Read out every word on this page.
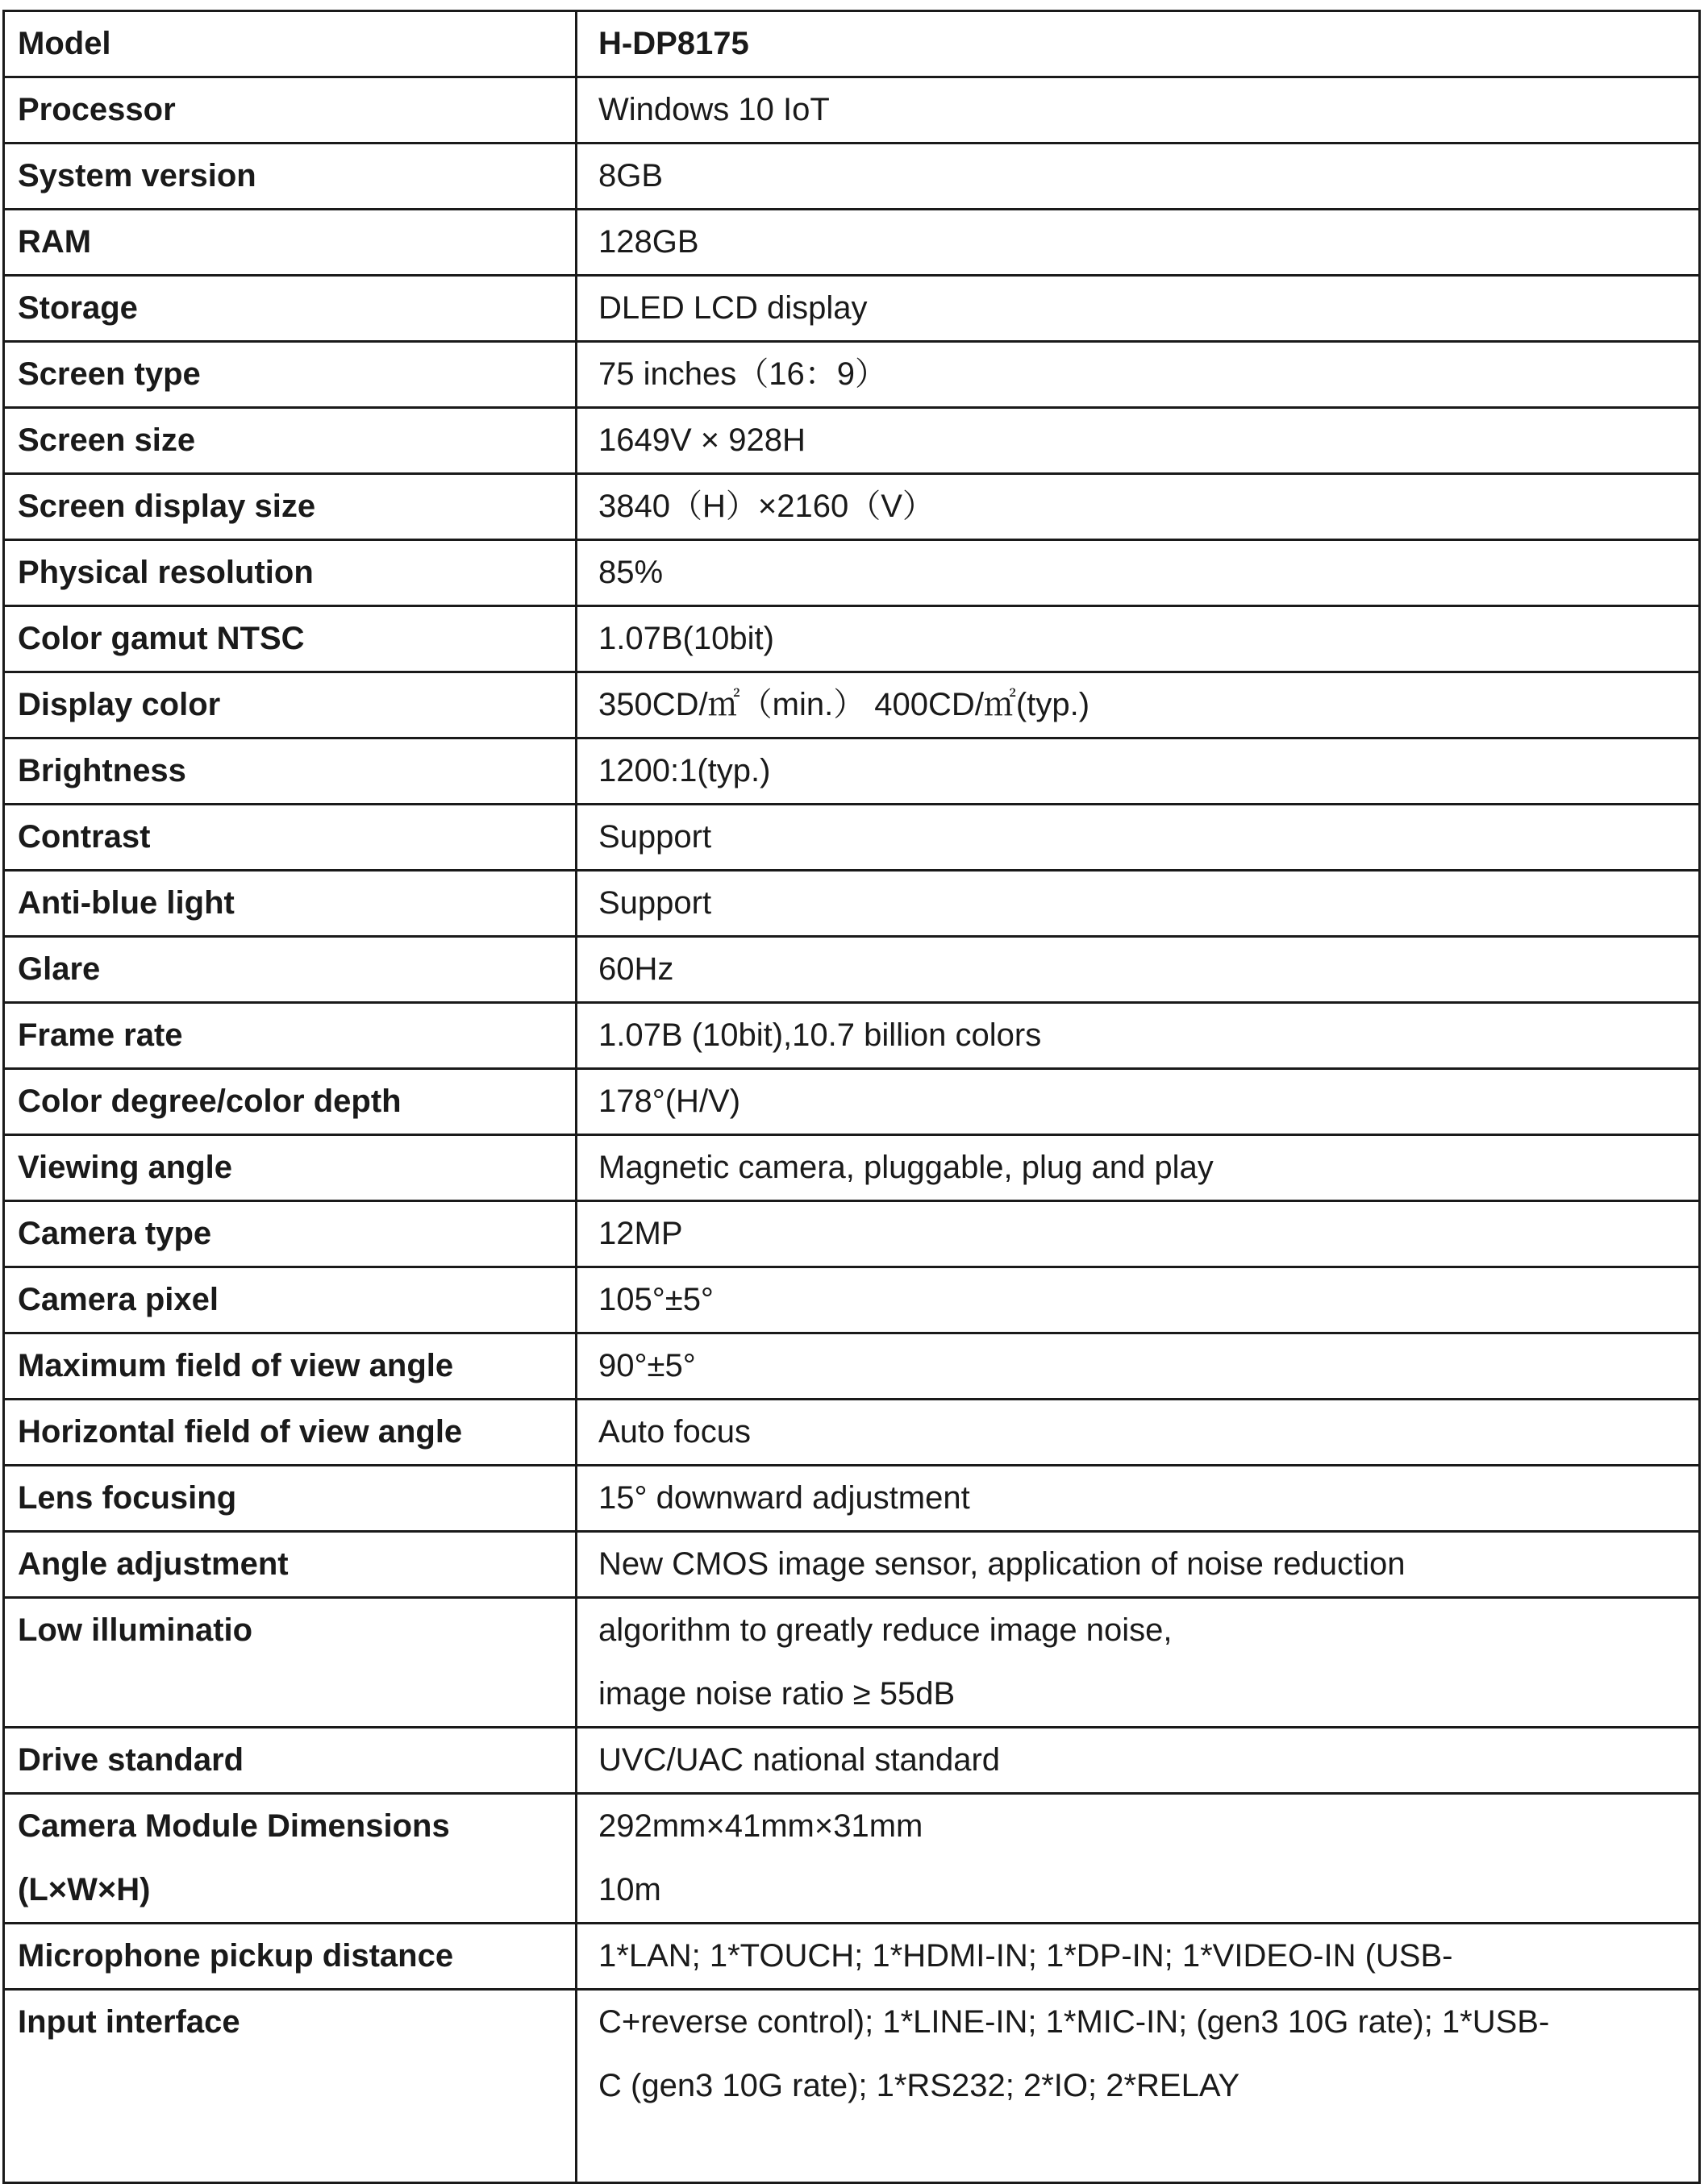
Model	H-DP8175

Processor	Windows 10 IoT

System version	8GB

RAM	128GB

Storage	DLED LCD display

Screen type	75 inches（16：9）

Screen size	1649V × 928H

Screen display size	3840（H）×2160（V）

Physical resolution	85%

Color gamut NTSC	1.07B(10bit)

Display color	350CD/㎡（min.） 400CD/㎡(typ.)

Brightness	1200:1(typ.)

Contrast	Support

Anti-blue light	Support

Glare	60Hz

Frame rate	1.07B (10bit),10.7 billion colors

Color degree/color depth	178°(H/V)

Viewing angle	Magnetic camera, pluggable, plug and play

Camera type	12MP

Camera pixel	105°±5°

Maximum field of view angle	90°±5°

Horizontal field of view angle	Auto focus

Lens focusing	15° downward adjustment

Angle adjustment	New CMOS image sensor, application of noise reduction

Low illuminatio	algorithm to greatly reduce image noise,
image noise ratio ≥ 55dB

Drive standard	UVC/UAC national standard

Camera Module Dimensions
(L×W×H)	292mm×41mm×31mm
10m

Microphone pickup distance	1*LAN; 1*TOUCH; 1*HDMI-IN; 1*DP-IN; 1*VIDEO-IN (USB-

Input interface	C+reverse control); 1*LINE-IN; 1*MIC-IN; (gen3 10G rate); 1*USB-
C (gen3 10G rate); 1*RS232; 2*IO; 2*RELAY
